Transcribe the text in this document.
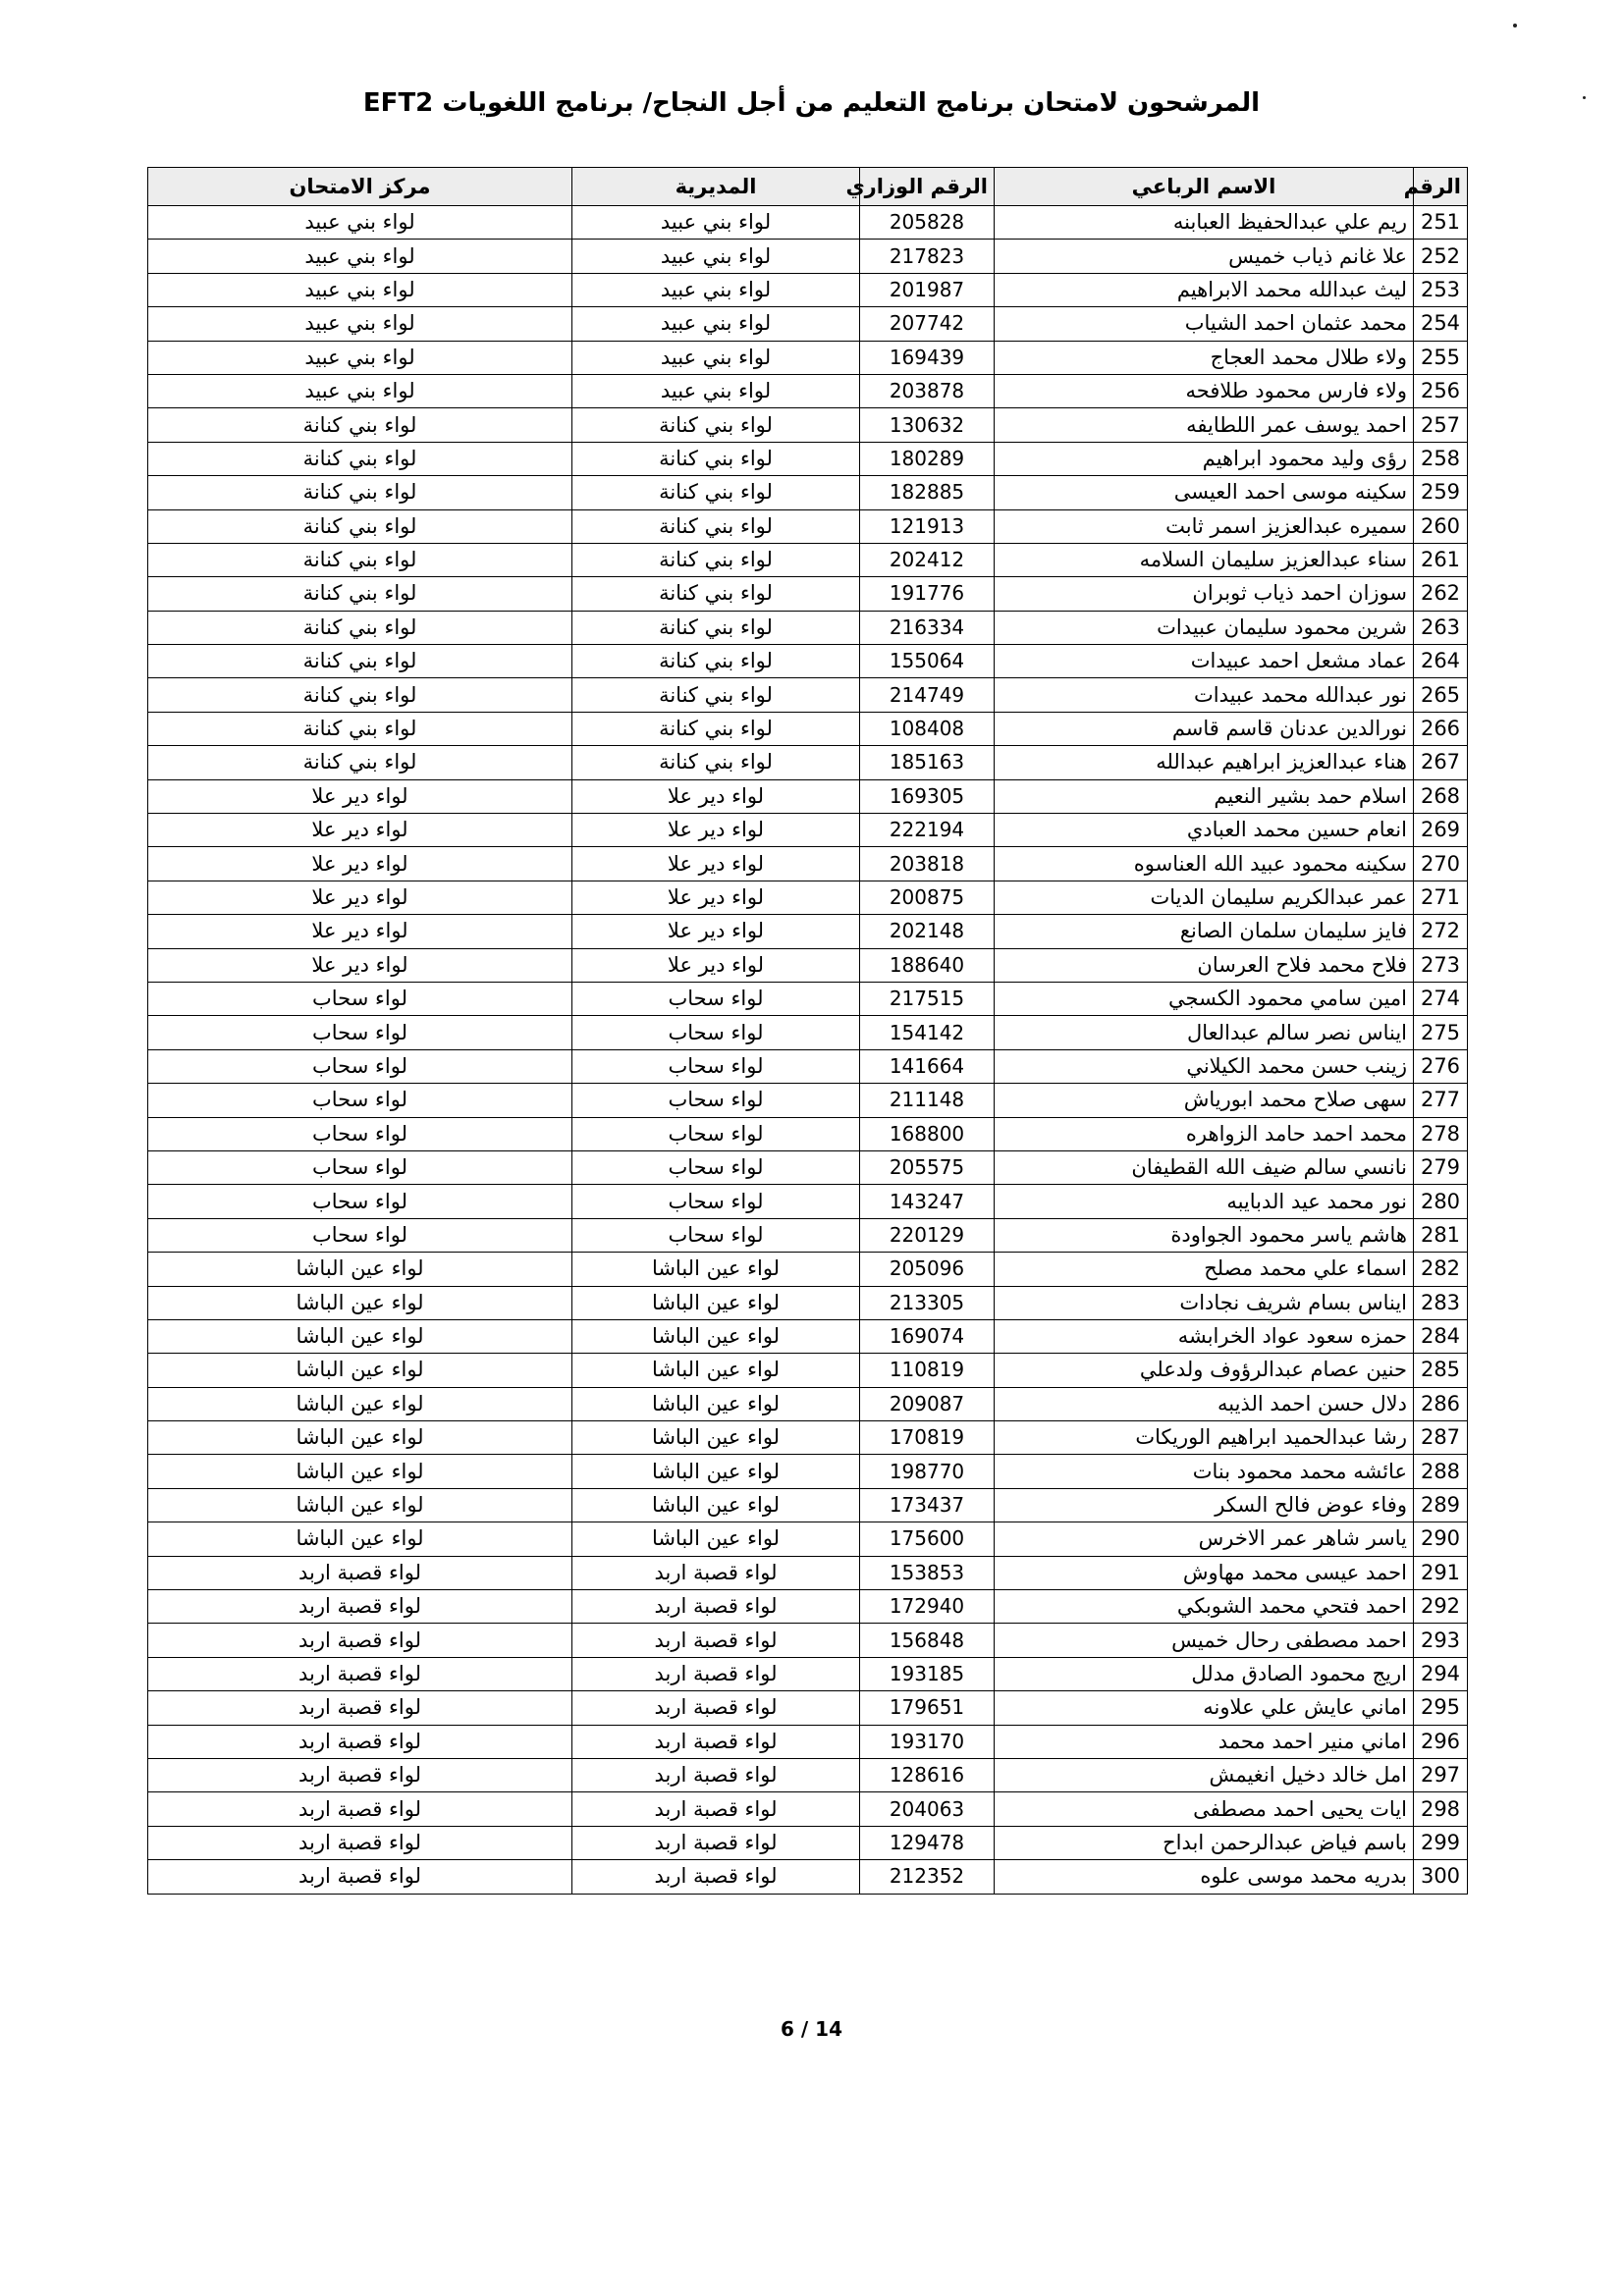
المرشحون لامتحان برنامج التعليم من أجل النجاح/ برنامج اللغويات EFT2
الرقم	الاسم الرباعي	الرقم الوزاري	المديرية	مركز الامتحان
251	ريم علي عبدالحفيظ العبابنه	205828	لواء بني عبيد	لواء بني عبيد
252	علا غانم ذياب خميس	217823	لواء بني عبيد	لواء بني عبيد
253	ليث عبدالله محمد الابراهيم	201987	لواء بني عبيد	لواء بني عبيد
254	محمد عثمان احمد الشياب	207742	لواء بني عبيد	لواء بني عبيد
255	ولاء طلال محمد العجاج	169439	لواء بني عبيد	لواء بني عبيد
256	ولاء فارس محمود طلافحه	203878	لواء بني عبيد	لواء بني عبيد
257	احمد يوسف عمر اللطايفه	130632	لواء بني كنانة	لواء بني كنانة
258	رؤى وليد محمود ابراهيم	180289	لواء بني كنانة	لواء بني كنانة
259	سكينه موسى احمد العيسى	182885	لواء بني كنانة	لواء بني كنانة
260	سميره عبدالعزيز اسمر ثابت	121913	لواء بني كنانة	لواء بني كنانة
261	سناء عبدالعزيز سليمان السلامه	202412	لواء بني كنانة	لواء بني كنانة
262	سوزان احمد ذياب ثوبران	191776	لواء بني كنانة	لواء بني كنانة
263	شرين محمود سليمان عبيدات	216334	لواء بني كنانة	لواء بني كنانة
264	عماد مشعل احمد عبيدات	155064	لواء بني كنانة	لواء بني كنانة
265	نور عبدالله محمد عبيدات	214749	لواء بني كنانة	لواء بني كنانة
266	نورالدين عدنان قاسم قاسم	108408	لواء بني كنانة	لواء بني كنانة
267	هناء عبدالعزيز ابراهيم عبدالله	185163	لواء بني كنانة	لواء بني كنانة
268	اسلام حمد بشير النعيم	169305	لواء دير علا	لواء دير علا
269	انعام حسين محمد العبادي	222194	لواء دير علا	لواء دير علا
270	سكينه محمود عبيد الله العناسوه	203818	لواء دير علا	لواء دير علا
271	عمر عبدالكريم سليمان الديات	200875	لواء دير علا	لواء دير علا
272	فايز سليمان سلمان الصانع	202148	لواء دير علا	لواء دير علا
273	فلاح محمد فلاح العرسان	188640	لواء دير علا	لواء دير علا
274	امين سامي محمود الكسجي	217515	لواء سحاب	لواء سحاب
275	ايناس نصر سالم عبدالعال	154142	لواء سحاب	لواء سحاب
276	زينب حسن محمد الكيلاني	141664	لواء سحاب	لواء سحاب
277	سهى صلاح محمد ابورياش	211148	لواء سحاب	لواء سحاب
278	محمد احمد حامد الزواهره	168800	لواء سحاب	لواء سحاب
279	نانسي سالم ضيف الله القطيفان	205575	لواء سحاب	لواء سحاب
280	نور محمد عيد الدبايبه	143247	لواء سحاب	لواء سحاب
281	هاشم ياسر محمود الجواودة	220129	لواء سحاب	لواء سحاب
282	اسماء علي محمد مصلح	205096	لواء عين الباشا	لواء عين الباشا
283	ايناس بسام شريف نجادات	213305	لواء عين الباشا	لواء عين الباشا
284	حمزه سعود عواد الخرابشه	169074	لواء عين الباشا	لواء عين الباشا
285	حنين عصام عبدالرؤوف ولدعلي	110819	لواء عين الباشا	لواء عين الباشا
286	دلال حسن احمد الذيبه	209087	لواء عين الباشا	لواء عين الباشا
287	رشا عبدالحميد ابراهيم الوريكات	170819	لواء عين الباشا	لواء عين الباشا
288	عائشه محمد محمود بنات	198770	لواء عين الباشا	لواء عين الباشا
289	وفاء عوض فالح السكر	173437	لواء عين الباشا	لواء عين الباشا
290	ياسر شاهر عمر الاخرس	175600	لواء عين الباشا	لواء عين الباشا
291	احمد عيسى محمد مهاوش	153853	لواء قصبة اربد	لواء قصبة اربد
292	احمد فتحي محمد الشوبكي	172940	لواء قصبة اربد	لواء قصبة اربد
293	احمد مصطفى رحال خميس	156848	لواء قصبة اربد	لواء قصبة اربد
294	اريج محمود الصادق مدلل	193185	لواء قصبة اربد	لواء قصبة اربد
295	اماني عايش علي علاونه	179651	لواء قصبة اربد	لواء قصبة اربد
296	اماني منير احمد محمد	193170	لواء قصبة اربد	لواء قصبة اربد
297	امل خالد دخيل انغيمش	128616	لواء قصبة اربد	لواء قصبة اربد
298	ايات يحيى احمد مصطفى	204063	لواء قصبة اربد	لواء قصبة اربد
299	باسم فياض عبدالرحمن ابداح	129478	لواء قصبة اربد	لواء قصبة اربد
300	بدريه محمد موسى علوه	212352	لواء قصبة اربد	لواء قصبة اربد
6 / 14
